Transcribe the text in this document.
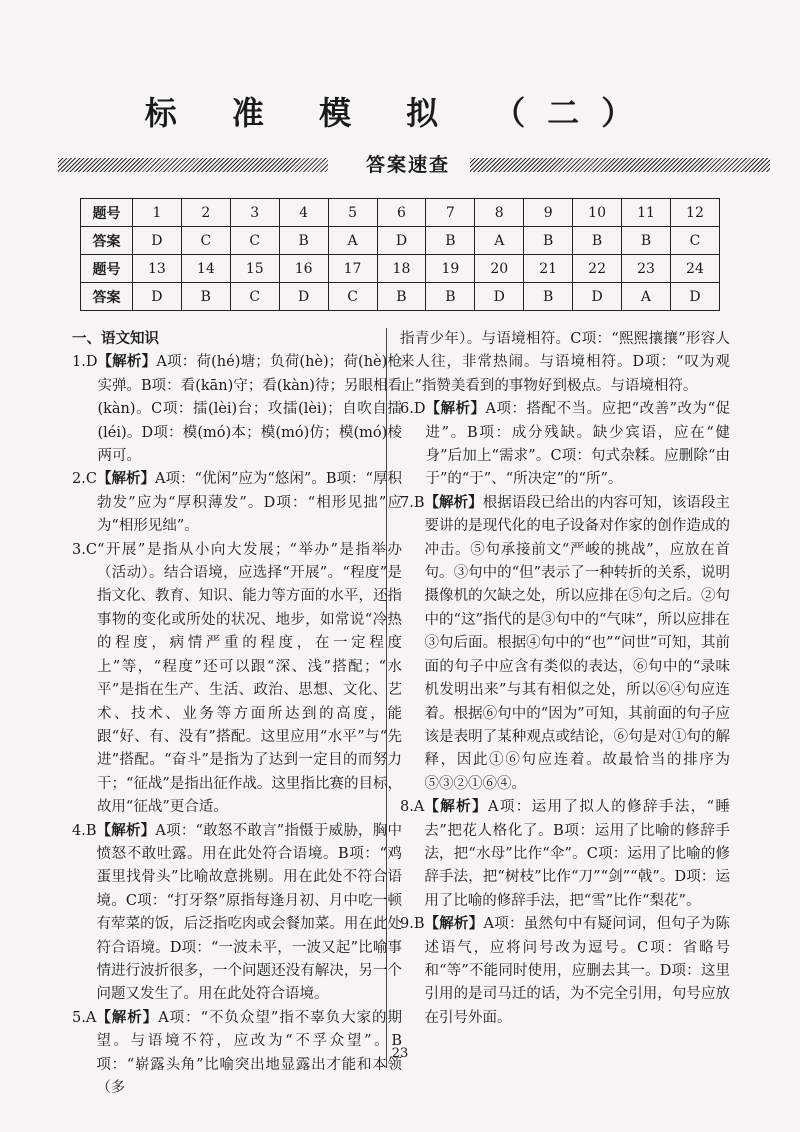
标 准 模 拟 （二）
答案速查
题号	1	2	3	4	5	6	7	8	9	10	11	12
答案	D	C	C	B	A	D	B	A	B	B	B	C
题号	13	14	15	16	17	18	19	20	21	22	23	24
答案	D	B	C	D	C	B	B	D	B	D	A	D
一、语文知识
1.D 【解析】A项：荷(hé)塘；负荷(hè)；荷(hè)枪实弹。B项：看(kān)守；看(kàn)待；另眼相看(kàn)。C项：擂(lèi)台；攻擂(lèi)；自吹自擂(léi)。D项：模(mó)本；模(mó)仿；模(mó)棱两可。
2.C 【解析】A项：“优闲”应为“悠闲”。B项：“厚积勃发”应为“厚积薄发”。D项：“相形见拙”应为“相形见绌”。
3.C “开展”是指从小向大发展；“举办”是指举办（活动）。结合语境，应选择“开展”。“程度”是指文化、教育、知识、能力等方面的水平，还指事物的变化或所处的状况、地步，如常说“冷热的程度，病情严重的程度，在一定程度上”等，“程度”还可以跟“深、浅”搭配；“水平”是指在生产、生活、政治、思想、文化、艺术、技术、业务等方面所达到的高度，能跟“好、有、没有”搭配。这里应用“水平”与“先进”搭配。“奋斗”是指为了达到一定目的而努力干；“征战”是指出征作战。这里指比赛的目标，故用“征战”更合适。
4.B 【解析】A项：“敢怒不敢言”指慑于威胁，胸中愤怒不敢吐露。用在此处符合语境。B项：“鸡蛋里找骨头”比喻故意挑剔。用在此处不符合语境。C项：“打牙祭”原指每逢月初、月中吃一顿有荤菜的饭，后泛指吃肉或会餐加菜。用在此处符合语境。D项：“一波未平，一波又起”比喻事情进行波折很多，一个问题还没有解决，另一个问题又发生了。用在此处符合语境。
5.A 【解析】A项：“不负众望”指不辜负大家的期望。与语境不符，应改为“不孚众望”。B项：“崭露头角”比喻突出地显露出才能和本领（多
指青少年）。与语境相符。C项：“熙熙攘攘”形容人来人往，非常热闹。与语境相符。D项：“叹为观止”指赞美看到的事物好到极点。与语境相符。
6.D 【解析】A项：搭配不当。应把“改善”改为“促进”。B项：成分残缺。缺少宾语，应在“健身”后加上“需求”。C项：句式杂糅。应删除“由于”的“于”、“所决定”的“所”。
7.B 【解析】根据语段已给出的内容可知，该语段主要讲的是现代化的电子设备对作家的创作造成的冲击。⑤句承接前文“严峻的挑战”，应放在首句。③句中的“但”表示了一种转折的关系，说明摄像机的欠缺之处，所以应排在⑤句之后。②句中的“这”指代的是③句中的“气味”，所以应排在③句后面。根据④句中的“也”“问世”可知，其前面的句子中应含有类似的表达，⑥句中的“录味机发明出来”与其有相似之处，所以⑥④句应连着。根据⑥句中的“因为”可知，其前面的句子应该是表明了某种观点或结论，⑥句是对①句的解释，因此①⑥句应连着。故最恰当的排序为⑤③②①⑥④。
8.A 【解析】A项：运用了拟人的修辞手法，“睡去”把花人格化了。B项：运用了比喻的修辞手法，把“水母”比作“伞”。C项：运用了比喻的修辞手法，把“树枝”比作“刀”“剑”“戟”。D项：运用了比喻的修辞手法，把“雪”比作“梨花”。
9.B 【解析】A项：虽然句中有疑问词，但句子为陈述语气，应将问号改为逗号。C项：省略号和“等”不能同时使用，应删去其一。D项：这里引用的是司马迁的话，为不完全引用，句号应放在引号外面。
23
